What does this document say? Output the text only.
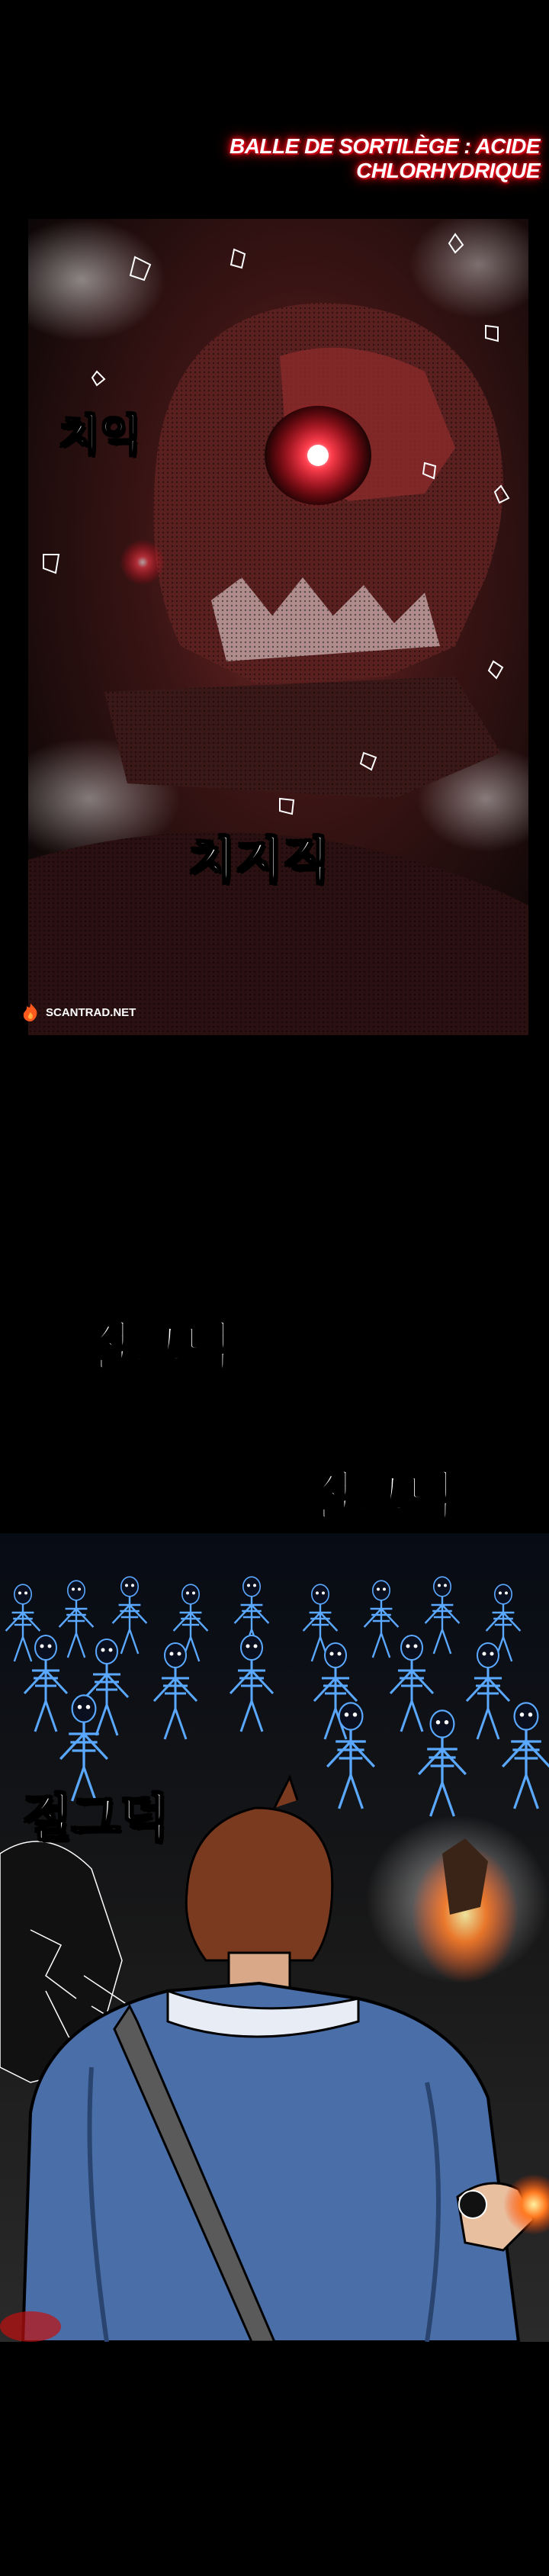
BALLE DE SORTILÈGE : ACIDE CHLORHYDRIQUE
치익
치지직
SCANTRAD.NET
절그덕
절그덕
절그덕
